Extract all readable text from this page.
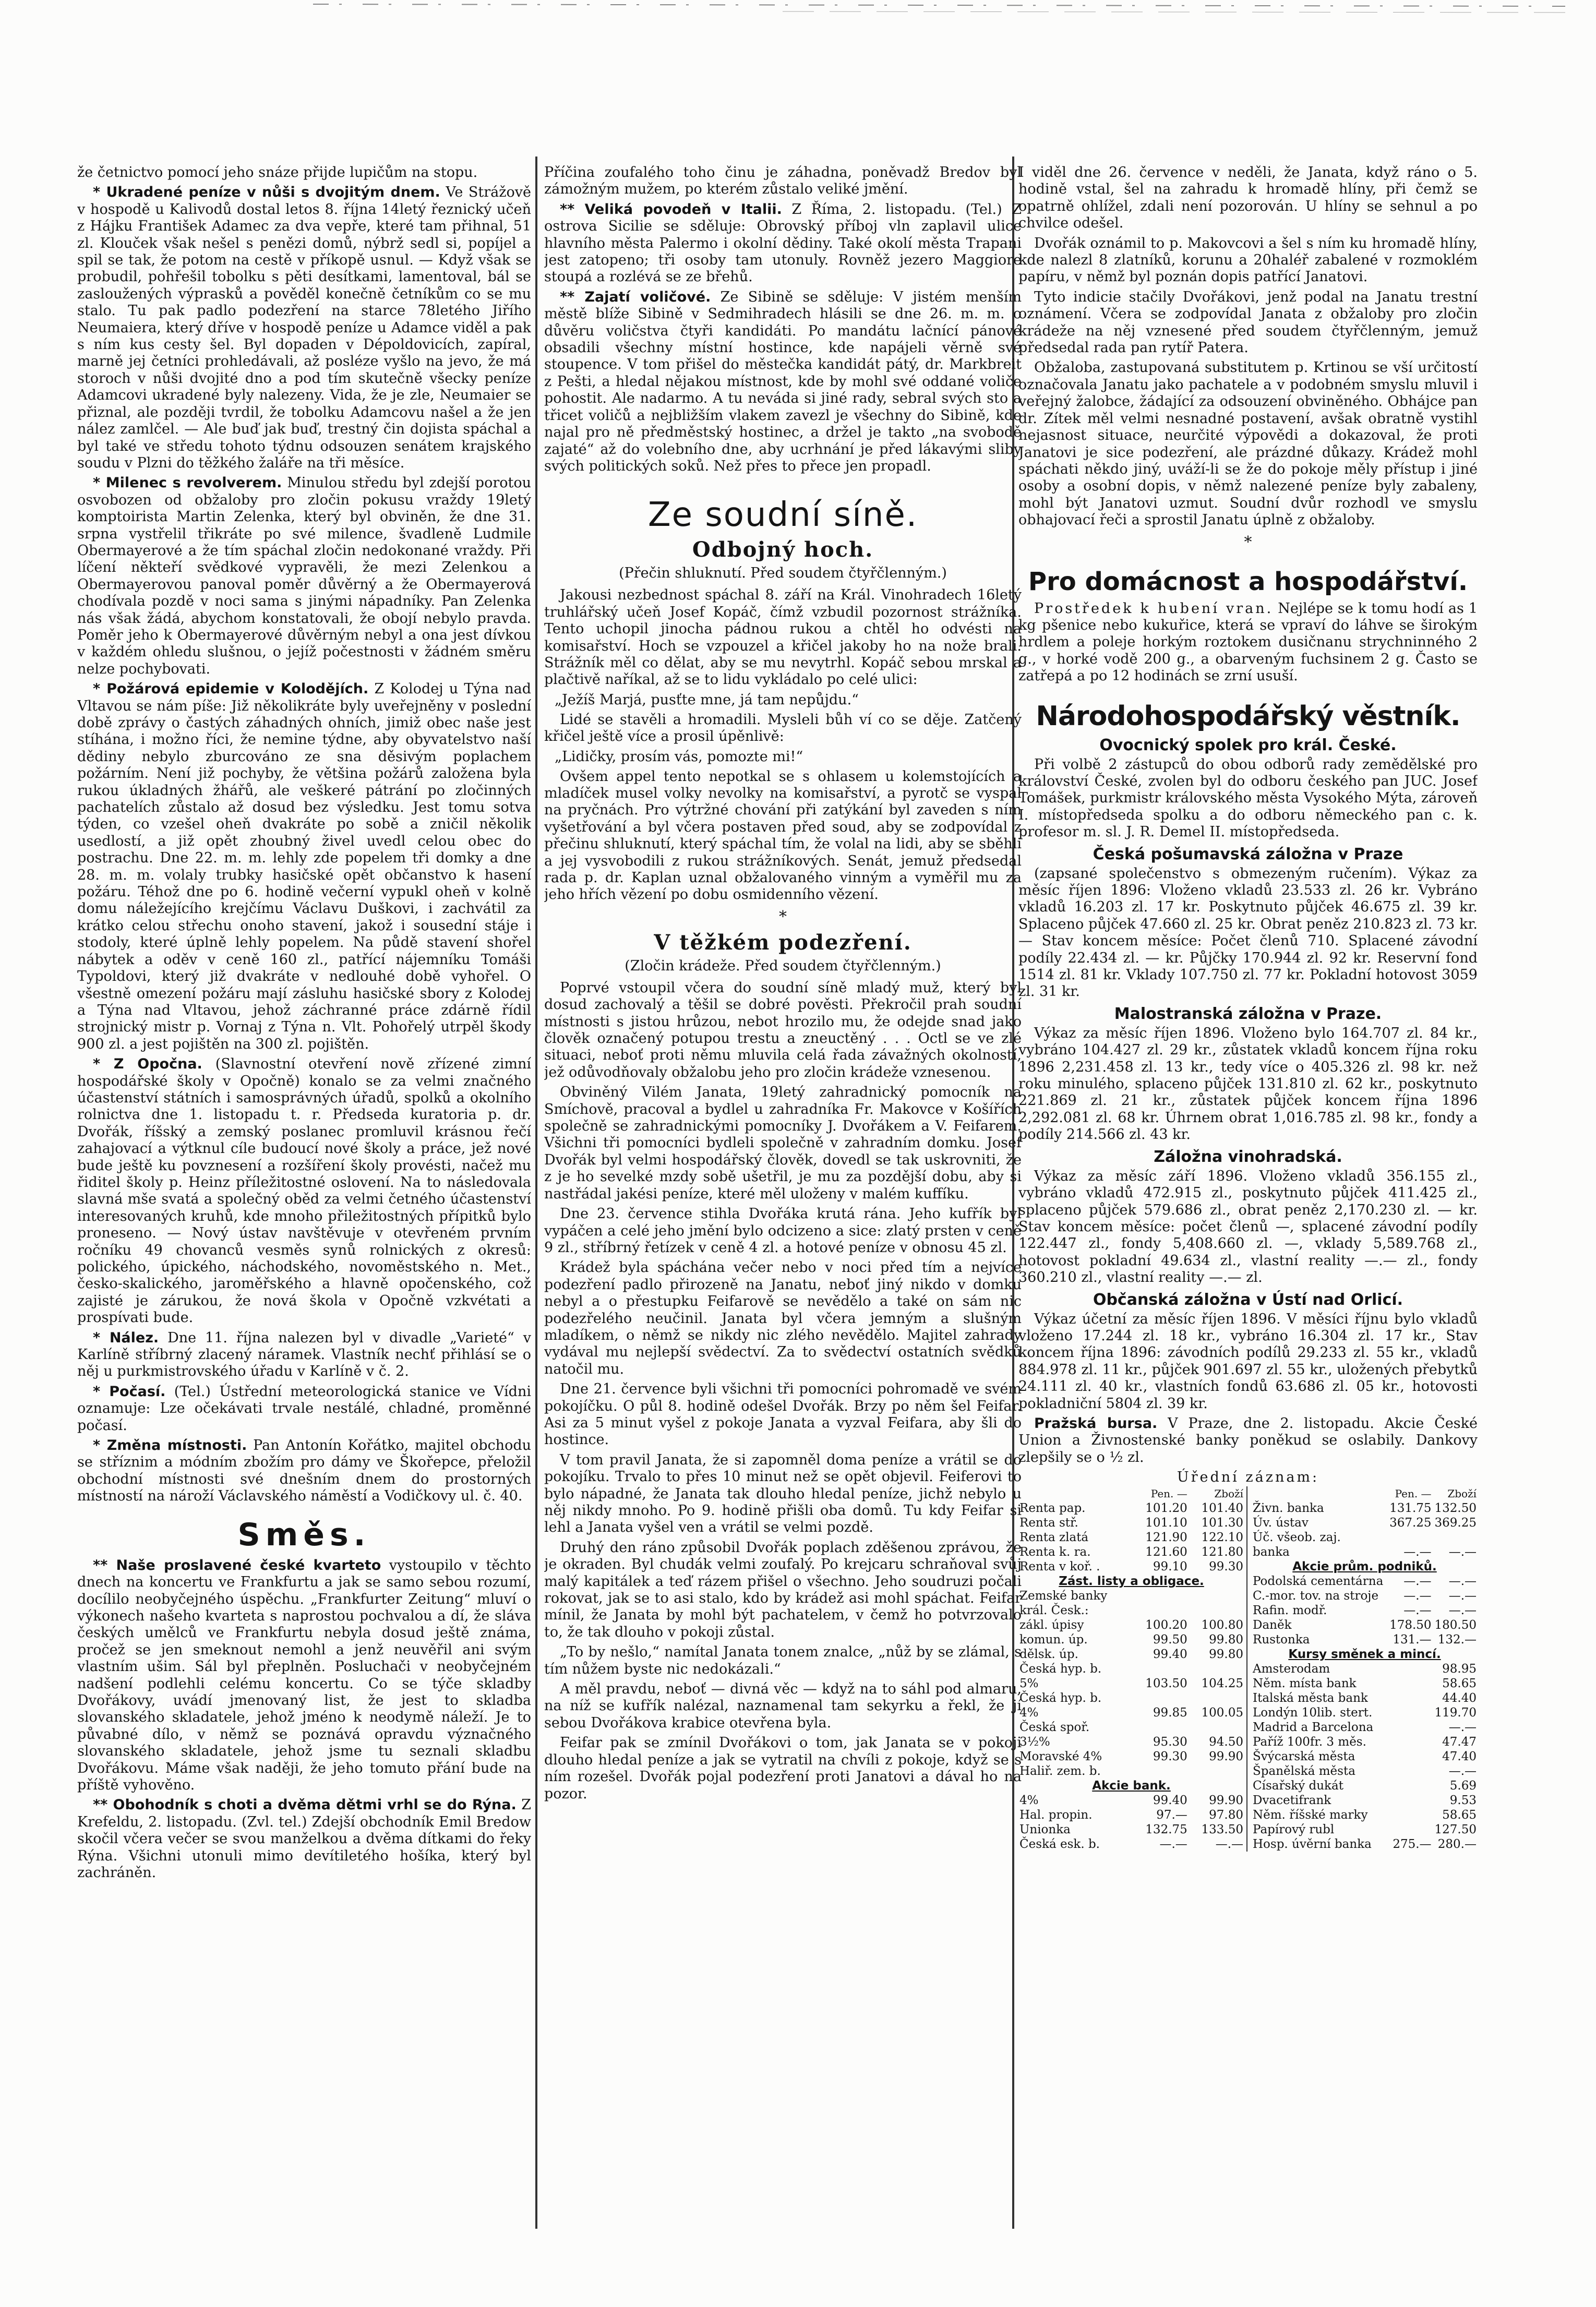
že četnictvo pomocí jeho snáze přijde lupičům na stopu.

* Ukradené peníze v nůši s dvojitým dnem. Ve Strážově v hospodě u Kalivodů dostal letos 8. října 14letý řeznický učeň z Hájku František Adamec za dva vepře, které tam přihnal, 51 zl. Klouček však nešel s penězi domů, nýbrž sedl si, popíjel a spil se tak, že potom na cestě v příkopě usnul. — Když však se probudil, pohřešil tobolku s pěti desítkami, lamentoval, bál se zasloužených výprasků a pověděl konečně četníkům co se mu stalo. Tu pak padlo podezření na starce 78letého Jiřího Neumaiera, který dříve v hospodě peníze u Adamce viděl a pak s ním kus cesty šel. Byl dopaden v Dépoldovicích, zapíral, marně jej četníci prohledávali, až posléze vyšlo na jevo, že má storoch v nůši dvojité dno a pod tím skutečně všecky peníze Adamcovi ukradené byly nalezeny. Vida, že je zle, Neumaier se přiznal, ale později tvrdil, že tobolku Adamcovu našel a že jen nález zamlčel. — Ale buď jak buď, trestný čin dojista spáchal a byl také ve středu tohoto týdnu odsouzen senátem krajského soudu v Plzni do těžkého žaláře na tři měsíce.

* Milenec s revolverem. Minulou středu byl zdejší porotou osvobozen od obžaloby pro zločin pokusu vraždy 19letý komptoirista Martin Zelenka, který byl obviněn, že dne 31. srpna vystřelil třikráte po své milence, švadleně Ludmile Obermayerové a že tím spáchal zločin nedokonané vraždy. Při líčení někteří svědkové vypravěli, že mezi Zelenkou a Obermayerovou panoval poměr důvěrný a že Obermayerová chodívala pozdě v noci sama s jinými nápadníky. Pan Zelenka nás však žádá, abychom konstatovali, že obojí nebylo pravda. Poměr jeho k Obermayerové důvěrným nebyl a ona jest dívkou v každém ohledu slušnou, o jejíž počestnosti v žádném směru nelze pochybovati.

* Požárová epidemie v Kolodějích. Z Kolodej u Týna nad Vltavou se nám píše: Již několikráte byly uveřejněny v poslední době zprávy o častých záhadných ohních, jimiž obec naše jest stíhána, i možno říci, že nemine týdne, aby obyvatelstvo naší dědiny nebylo zburcováno ze sna děsivým poplachem požárním. Není již pochyby, že většina požárů založena byla rukou úkladných žhářů, ale veškeré pátrání po zločinných pachatelích zůstalo až dosud bez výsledku. Jest tomu sotva týden, co vzešel oheň dvakráte po sobě a zničil několik usedlostí, a již opět zhoubný živel uvedl celou obec do postrachu. Dne 22. m. m. lehly zde popelem tři domky a dne 28. m. m. volaly trubky hasičské opět občanstvo k hasení požáru. Téhož dne po 6. hodině večerní vypukl oheň v kolně domu náležejícího krejčímu Václavu Duškovi, i zachvátil za krátko celou střechu onoho stavení, jakož i sousední stáje i stodoly, které úplně lehly popelem. Na půdě stavení shořel nábytek a oděv v ceně 160 zl., patřící nájemníku Tomáši Typoldovi, který již dvakráte v nedlouhé době vyhořel. O všestně omezení požáru mají zásluhu hasičské sbory z Kolodej a Týna nad Vltavou, jehož záchranné práce zdárně řídil strojnický mistr p. Vornaj z Týna n. Vlt. Pohořelý utrpěl škody 900 zl. a jest pojištěn na 300 zl. pojištěn.

* Z Opočna. (Slavnostní otevření nově zřízené zimní hospodářské školy v Opočně) konalo se za velmi značného účastenství státních i samosprávných úřadů, spolků a okolního rolnictva dne 1. listopadu t. r. Předseda kuratoria p. dr. Dvořák, říšský a zemský poslanec promluvil krásnou řečí zahajovací a výtknul cíle budoucí nové školy a práce, jež nové bude ještě ku povznesení a rozšíření školy provésti, načež mu řiditel školy p. Heinz příležitostné oslovení. Na to následovala slavná mše svatá a společný oběd za velmi četného účastenství interesovaných kruhů, kde mnoho přiležitostných přípitků bylo pronesenо. — Nový ústav navštěvuje v otevřeném prvním ročníku 49 chovanců vesměs synů rolnických z okresů: polického, úpického, náchodského, novoměstského n. Met., česko-skalického, jaroměřského a hlavně opočenského, což zajisté je zárukou, že nová škola v Opočně vzkvétati a prospívati bude.

* Nález. Dne 11. října nalezen byl v divadle „Varieté“ v Karlíně stříbrný zlacený náramek. Vlastník nechť přihlásí se o něj u purkmistrovského úřadu v Karlíně v č. 2.

* Počasí. (Tel.) Ústřední meteorologická stanice ve Vídni oznamuje: Lze očekávati trvale nestálé, chladné, proměnné počasí.

* Změna místnosti. Pan Antonín Kořátko, majitel obchodu se stříznim a módním zbožím pro dámy ve Škořepce, přeložil obchodní místnosti své dnešním dnem do prostorných místností na nároží Václavského náměstí a Vodičkovy ul. č. 40.

Směs.

** Naše proslavené české kvarteto vystoupilo v těchto dnech na koncertu ve Frankfurtu a jak se samo sebou rozumí, docílilo neobyčejného úspěchu. „Frankfurter Zeitung“ mluví o výkonech našeho kvarteta s naprostou pochvalou a dí, že sláva českých umělců ve Frankfurtu nebyla dosud ještě známa, pročež se jen smeknout nemohl a jenž neuvěřil ani svým vlastním ušim. Sál byl přeplněn. Posluchači v neobyčejném nadšení podlehli celému koncertu. Co se týče skladby Dvořákovy, uvádí jmenovaný list, že jest to skladba slovanského skladatele, jehož jméno k neodymě náleží. Je to půvabné dílo, v němž se poznává opravdu význačného slovanského skladatele, jehož jsme tu seznali skladbu Dvořákovu. Máme však naději, že jeho tomuto přání bude na příště vyhověno.

** Obohodník s choti a dvěma dětmi vrhl se do Rýna. Z Krefeldu, 2. listopadu. (Zvl. tel.) Zdejší obchodník Emil Bredow skočil včera večer se svou manželkou a dvěma dítkami do řeky Rýna. Všichni utonuli mimo devítiletého hošíka, který byl zachráněn.

Příčina zoufalého toho činu je záhadna, poněvadž Bredov byl zámožným mužem, po kterém zůstalo veliké jmění.

** Veliká povodeň v Italii. Z Říma, 2. listopadu. (Tel.) Z ostrova Sicilie se sděluje: Obrovský příboj vln zaplavil ulice hlavního města Palermo i okolní dědiny. Také okolí města Trapani jest zatopeno; tři osoby tam utonuly. Rovněž jezero Maggiore stoupá a rozlévá se ze břehů.

** Zajatí voličové. Ze Sibině se sděluje: V jistém menším městě blíže Sibině v Sedmihradech hlásili se dne 26. m. m. o důvěru voličstva čtyři kandidáti. Po mandátu lačnící pánové obsadili všechny místní hostince, kde napájeli věrně své stoupence. V tom přišel do městečka kandidát pátý, dr. Markbreit z Pešti, a hledal nějakou místnost, kde by mohl své oddané voliče pohostit. Ale nadarmo. A tu neváda si jiné rady, sebral svých sto a třicet voličů a nejbližším vlakem zavezl je všechny do Sibině, kde najal pro ně předměstský hostinec, a držel je takto „na svobodě zajaté“ až do volebního dne, aby ucrhnání je před lákavými sliby svých politických soků. Než přes to přece jen propadl.

Ze soudní síně.
Odbojný hoch.
(Přečin shluknutí. Před soudem čtyřčlenným.)

Jakousi nezbednost spáchal 8. září na Král. Vinohradech 16letý truhlářský učeň Josef Kopáč, čímž vzbudil pozornost strážníka. Tento uchopil jinocha pádnou rukou a chtěl ho odvésti na komisařství. Hoch se vzpouzel a křičel jakoby ho na nože brali. Strážník měl co dělat, aby se mu nevytrhl. Kopáč sebou mrskal a plačtivě naříkal, až se to lidu vykládalo po celé ulici:

„Ježíš Marjá, pusťte mne, já tam nepůjdu.“

Lidé se stavěli a hromadili. Mysleli bůh ví co se děje. Zatčený křičel ještě více a prosil úpěnlivě:

„Lidičky, prosím vás, pomozte mi!“

Ovšem appel tento nepotkal se s ohlasem u kolemstojících a mladíček musel volky nevolky na komisařství, a pyrotč se vyspal na pryčnách. Pro výtržné chování při zatýkání byl zaveden s ním vyšetřování a byl včera postaven před soud, aby se zodpovídal z přečinu shluknutí, který spáchal tím, že volal na lidi, aby se sběhli a jej vysvobodili z rukou strážníkových. Senát, jemuž předsedal rada p. dr. Kaplan uznal obžalovaného vinným a vyměřil mu za jeho hřích vězení po dobu osmidenního vězení.

*
V těžkém podezření.
(Zločin krádeže. Před soudem čtyřčlenným.)

Poprvé vstoupil včera do soudní síně mladý muž, který byl dosud zachovalý a těšil se dobré pověsti. Překročil prah soudní místnosti s jistou hrůzou, nebot hrozilo mu, že odejde snad jako člověk označený potupou trestu a zneuctěný . . . Octl se ve zlé situaci, neboť proti němu mluvila celá řada závažných okolností, jež odůvodňovaly obžalobu jeho pro zločin krádeže vznesenou.

Obviněný Vilém Janata, 19letý zahradnický pomocník na Smíchově, pracoval a bydlel u zahradníka Fr. Makovce v Košířích společně se zahradnickými pomocníky J. Dvořákem a V. Feifarem. Všichni tři pomocníci bydleli společně v zahradním domku. Josef Dvořák byl velmi hospodářský člověk, dovedl se tak uskrovniti, že z je ho sevelké mzdy sobě ušetřil, je mu za pozdější dobu, aby si nastřádal jakési peníze, které měl uloženy v malém kuffíku.

Dne 23. července stihla Dvořáka krutá rána. Jeho kufřík byl vypáčen a celé jeho jmění bylo odcizeno a sice: zlatý prsten v ceně 9 zl., stříbrný řetízek v ceně 4 zl. a hotové peníze v obnosu 45 zl.

Krádež byla spáchána večer nebo v noci před tím a nejvíce podezření padlo přirozeně na Janatu, neboť jiný nikdo v domku nebyl a o přestupku Feifarově se nevědělo a také on sám nic podezřelého neučinil. Janata byl včera jemným a slušným mladíkem, o němž se nikdy nic zlého nevědělo. Majitel zahrady vydával mu nejlepší svědectví. Za to svědectví ostatních svědků natočil mu.

Dne 21. července byli všichni tři pomocníci pohromadě ve svém pokojíčku. O půl 8. hodině odešel Dvořák. Brzy po něm šel Feifar. Asi za 5 minut vyšel z pokoje Janata a vyzval Feifara, aby šli do hostince.

V tom pravil Janata, že si zapomněl doma peníze a vrátil se do pokojíku. Trvalo to přes 10 minut než se opět objevil. Feiferovi to bylo nápadné, že Janata tak dlouho hledal peníze, jichž nebylo u něj nikdy mnoho. Po 9. hodině přišli oba domů. Tu kdy Feifar si lehl a Janata vyšel ven a vrátil se velmi pozdě.

Druhý den ráno způsobil Dvořák poplach zděšenou zprávou, že je okraden. Byl chudák velmi zoufalý. Po krejcaru schraňoval svůj malý kapitálek a teď rázem přišel o všechno. Jeho soudruzi počali rokovat, jak se to asi stalo, kdo by krádež asi mohl spáchat. Feifar mínil, že Janata by mohl být pachatelem, v čemž ho potvrzovalo to, že tak dlouho v pokoji zůstal.

„To by nešlo,“ namítal Janata tonem znalce, „nůž by se zlámal, s tím nůžem byste nic nedokázali.“

A měl pravdu, neboť — divná věc — když na to sáhl pod almaru, na níž se kufřík nalézal, naznamenal tam sekyrku a řekl, že jí sebou Dvořákova krabice otevřena byla.

Feifar pak se zmínil Dvořákovi o tom, jak Janata se v pokoji dlouho hledal peníze a jak se vytratil na chvíli z pokoje, když se s ním rozešel. Dvořák pojal podezření proti Janatovi a dával ho na pozor.

I viděl dne 26. července v neděli, že Janata, když ráno o 5. hodině vstal, šel na zahradu k hromadě hlíny, při čemž se opatrně ohlížel, zdali není pozorován. U hlíny se sehnul a po chvilce odešel.

Dvořák oznámil to p. Makovcovi a šel s ním ku hromadě hlíny, kde nalezl 8 zlatníků, korunu a 20haléř zabalené v rozmoklém papíru, v němž byl poznán dopis patřící Janatovi.

Tyto indicie stačily Dvořákovi, jenž podal na Janatu trestní oznámení. Včera se zodpovídal Janata z obžaloby pro zločin krádeže na něj vznesené před soudem čtyřčlenným, jemuž předsedal rada pan rytíř Patera.

Obžaloba, zastupovaná substitutem p. Krtinou se vší určitostí označovala Janatu jako pachatele a v podobném smyslu mluvil i veřejný žalobce, žádající za odsouzení obviněného. Obhájce pan dr. Zítek měl velmi nesnadné postavení, avšak obratně vystihl nejasnost situace, neurčité výpovědi a dokazoval, že proti Janatovi je sice podezření, ale prázdné důkazy. Krádež mohl spáchati někdo jiný, uváží-li se že do pokoje měly přístup i jiné osoby a osobní dopis, v němž nalezené peníze byly zabaleny, mohl být Janatovi uzmut. Soudní dvůr rozhodl ve smyslu obhajovací řeči a sprostil Janatu úplně z obžaloby.

*
Pro domácnost a hospodářství.

Prostředek k hubení vran. Nejlépe se k tomu hodí as 1 kg pšenice nebo kukuřice, která se vpraví do láhve se širokým hrdlem a poleje horkým roztokem dusičnanu strychninného 2 g., v horké vodě 200 g., a obarveným fuchsinem 2 g. Často se zatřepá a po 12 hodinách se zrní usuší.

Národohospodářský věstník.
Ovocnický spolek pro král. České.

Při volbě 2 zástupců do obou odborů rady zemědělské pro království České, zvolen byl do odboru českého pan JUC. Josef Tomášek, purkmistr královského města Vysokého Mýta, zároveň I. místopředseda spolku a do odboru německého pan c. k. profesor m. sl. J. R. Demel II. místopředseda.

Česká pošumavská záložna v Praze

(zapsané společenstvo s obmezeným ručením). Výkaz za měsíc říjen 1896: Vloženo vkladů 23.533 zl. 26 kr. Vybráno vkladů 16.203 zl. 17 kr. Poskytnuto půjček 46.675 zl. 39 kr. Splaceno půjček 47.660 zl. 25 kr. Obrat peněz 210.823 zl. 73 kr. — Stav koncem měsíce: Počet členů 710. Splacené závodní podíly 22.434 zl. — kr. Půjčky 170.944 zl. 92 kr. Reservní fond 1514 zl. 81 kr. Vklady 107.750 zl. 77 kr. Pokladní hotovost 3059 zl. 31 kr.

Malostranská záložna v Praze.

Výkaz za měsíc říjen 1896. Vloženo bylo 164.707 zl. 84 kr., vybráno 104.427 zl. 29 kr., zůstatek vkladů koncem října roku 1896 2,231.458 zl. 13 kr., tedy více o 405.326 zl. 98 kr. než roku minulého, splaceno půjček 131.810 zl. 62 kr., poskytnuto 221.869 zl. 21 kr., zůstatek půjček koncem října 1896 2,292.081 zl. 68 kr. Úhrnem obrat 1,016.785 zl. 98 kr., fondy a podíly 214.566 zl. 43 kr.

Záložna vinohradská.

Výkaz za měsíc září 1896. Vloženo vkladů 356.155 zl., vybráno vkladů 472.915 zl., poskytnuto půjček 411.425 zl., splaceno půjček 579.686 zl., obrat peněz 2,170.230 zl. — kr. Stav koncem měsíce: počet členů —, splacené závodní podíly 122.447 zl., fondy 5,408.660 zl. —, vklady 5,589.768 zl., hotovost pokladní 49.634 zl., vlastní reality —.— zl., fondy 360.210 zl., vlastní reality —.— zl.

Občanská záložna v Ústí nad Orlicí.

Výkaz účetní za měsíc říjen 1896. V měsíci říjnu bylo vkladů vloženo 17.244 zl. 18 kr., vybráno 16.304 zl. 17 kr., Stav koncem října 1896: závodních podílů 29.233 zl. 55 kr., vkladů 884.978 zl. 11 kr., půjček 901.697 zl. 55 kr., uložených přebytků 24.111 zl. 40 kr., vlastních fondů 63.686 zl. 05 kr., hotovosti pokladniční 5804 zl. 39 kr.

Pražská bursa. V Praze, dne 2. listopadu. Akcie České Union a Živnostenské banky poněkud se oslabily. Dankovy zlepšily se o ½ zl.

Úřední záznam:
	Pen. —	Zboží
Renta pap.	101.20	101.40
Renta stř.	101.10	101.30
Renta zlatá	121.90	122.10
Renta k. ra.	121.60	121.80
Renta v koř. .	99.10	99.30

Zást. listy a obligace.		
Zemské banky		
král. Česk.:		
zákl. úpisy	100.20	100.80
komun. úp.	99.50	99.80
dělsk. úp.	99.40	99.80
Česká hyp. b.		
5%	103.50	104.25
Česká hyp. b.		
4%	99.85	100.05
Česká spoř.		
3½%	95.30	94.50
Moravské 4%	99.30	99.90
Haliř. zem. b.		
Akcie bank.		
4%	99.40	99.90
Hal. propin.	97.—	97.80
Unionka	132.75	133.50
Česká esk. b.	—.—	—.—
	Pen. —	Zboží
Živn. banka	131.75	132.50
Úv. ústav	367.25	369.25
Úč. všeob. zaj.		
banka	—.—	—.—

Akcie prům. podniků.		
Podolská cementárna	—.—	—.—
C.-mor. tov. na stroje	—.—	—.—
Rafin. modř.	—.—	—.—
Daněk	178.50	180.50
Rustonka	131.—	132.—
Kursy směnek a mincí.		
Amsterodam		98.95
Něm. místa bank		58.65
Italská města bank		44.40
Londýn 10lib. stert.		119.70
Madrid a Barcelona		—.—
Paříž 100fr. 3 měs.		47.47
Švýcarská města		47.40
Španělská města		—.—
Císařský dukát		5.69
Dvacetifrank		9.53
Něm. říšské marky		58.65
Papírový rubl		127.50
Hosp. úvěrní banka	275.—	280.—
